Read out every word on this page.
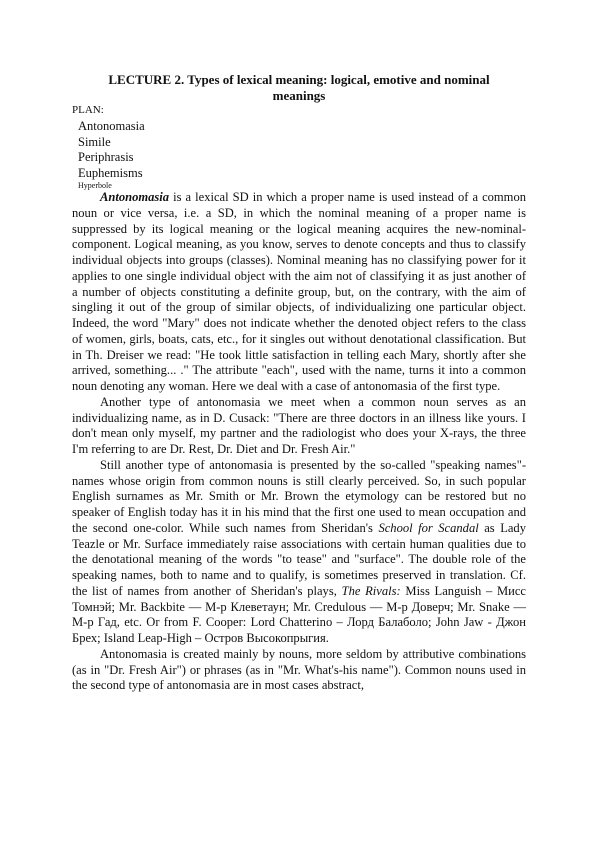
LECTURE 2. Types of lexical meaning: logical, emotive and nominal meanings
PLAN:
Antonomasia
Simile
Periphrasis
Euphemisms
Hyperbole

Antonomasia is a lexical SD in which a proper name is used instead of a common noun or vice versa, i.e. a SD, in which the nominal meaning of a proper name is suppressed by its logical meaning or the logical meaning acquires the new-nominal-component. Logical meaning, as you know, serves to denote concepts and thus to classify individual objects into groups (classes). Nominal meaning has no classifying power for it applies to one single individual object with the aim not of classifying it as just another of a number of objects constituting a definite group, but, on the contrary, with the aim of singling it out of the group of similar objects, of individualizing one particular object. Indeed, the word "Mary" does not indicate whether the denoted object refers to the class of women, girls, boats, cats, etc., for it singles out without denotational classification. But in Th. Dreiser we read: "He took little satisfaction in telling each Mary, shortly after she arrived, something... ." The attribute "each", used with the name, turns it into a common noun denoting any woman. Here we deal with a case of antonomasia of the first type.

Another type of antonomasia we meet when a common noun serves as an individualizing name, as in D. Cusack: "There are three doctors in an illness like yours. I don't mean only myself, my partner and the radiologist who does your X-rays, the three I'm referring to are Dr. Rest, Dr. Diet and Dr. Fresh Air."

Still another type of antonomasia is presented by the so-called "speaking names"-names whose origin from common nouns is still clearly perceived. So, in such popular English surnames as Mr. Smith or Mr. Brown the etymology can be restored but no speaker of English today has it in his mind that the first one used to mean occupation and the second one-color. While such names from Sheridan's School for Scandal as Lady Teazle or Mr. Surface immediately raise associations with certain human qualities due to the denotational meaning of the words "to tease" and "surface". The double role of the speaking names, both to name and to qualify, is sometimes preserved in translation. Cf. the list of names from another of Sheridan's plays, The Rivals: Miss Languish – Мисс Томнэй; Mr. Backbite — М-р Клеветаун; Mr. Credulous — М-р Доверч; Mr. Snake —М-р Гад, etc. Or from F. Cooper: Lord Chatterino – Лорд Балаболо; John Jaw - Джон Брех; Island Leap-High – Остров Высокопрыгия.

Antonomasia is created mainly by nouns, more seldom by attributive combinations (as in "Dr. Fresh Air") or phrases (as in "Mr. What's-his name"). Common nouns used in the second type of antonomasia are in most cases abstract,
